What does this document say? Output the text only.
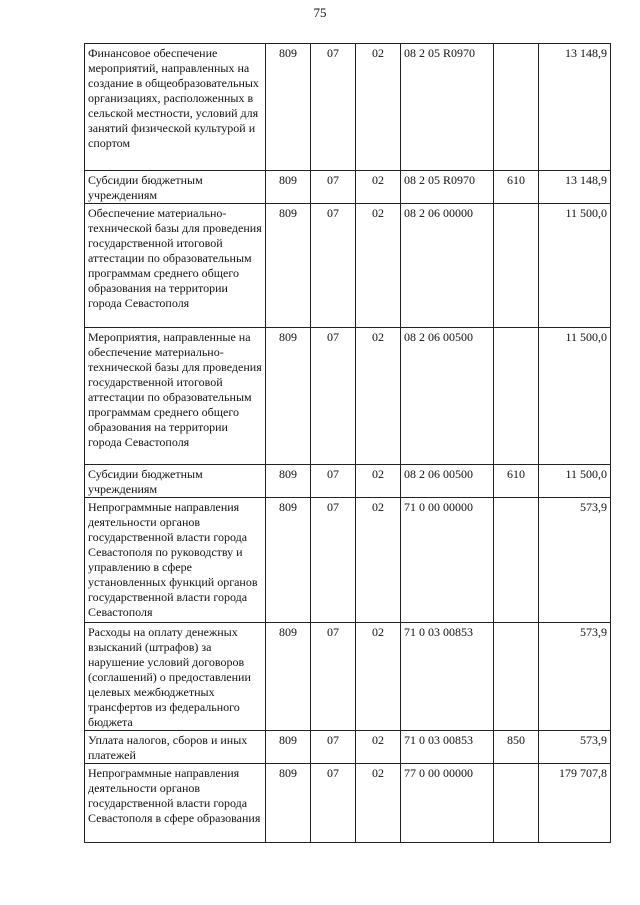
75
Финансовое обеспечение мероприятий, направленных на создание в общеобразовательных организациях, расположенных в сельской местности, условий для занятий физической культурой и спортом	809	07	02	08 2 05 R0970		13 148,9
Субсидии бюджетным учреждениям	809	07	02	08 2 05 R0970	610	13 148,9
Обеспечение материально-технической базы для проведения государственной итоговой аттестации по образовательным программам среднего общего образования на территории города Севастополя	809	07	02	08 2 06 00000		11 500,0
Мероприятия, направленные на обеспечение материально-технической базы для проведения государственной итоговой аттестации по образовательным программам среднего общего образования на территории города Севастополя	809	07	02	08 2 06 00500		11 500,0
Субсидии бюджетным учреждениям	809	07	02	08 2 06 00500	610	11 500,0
Непрограммные направления деятельности органов государственной власти города Севастополя по руководству и управлению в сфере установленных функций органов государственной власти города Севастополя	809	07	02	71 0 00 00000		573,9
Расходы на оплату денежных взысканий (штрафов) за нарушение условий договоров (соглашений) о предоставлении целевых межбюджетных трансфертов из федерального бюджета	809	07	02	71 0 03 00853		573,9
Уплата налогов, сборов и иных платежей	809	07	02	71 0 03 00853	850	573,9
Непрограммные направления деятельности органов государственной власти города Севастополя в сфере образования	809	07	02	77 0 00 00000		179 707,8
